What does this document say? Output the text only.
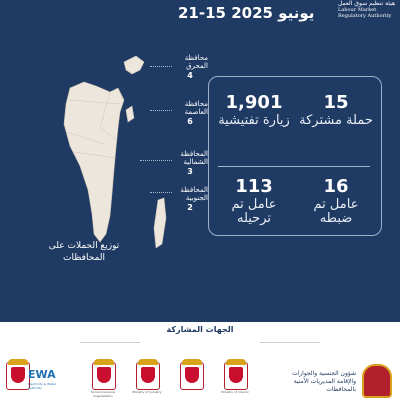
21-15 يونيو 2025
هيئة تنظيم سوق العمل
Labour Market
Regulatory Authority
محافظة المحرق
4
محافظة العاصمة
6
المحافظة الشمالية
3
المحافظة الجنوبية
2
توزيع الحملات على المحافظات
15
حملة مشتركة
1,901
زيارة تفتيشية
16
عامل تم ضبطه
113
عامل تم ترحيله
الجهات المشاركة
EWA
Electricity & Water Authority
Social Insurance Organization
Ministry of Industry	Ministry of Interior
شؤون الجنسية والجوازات والإقامة المديريات الأمنية بالمحافظات
